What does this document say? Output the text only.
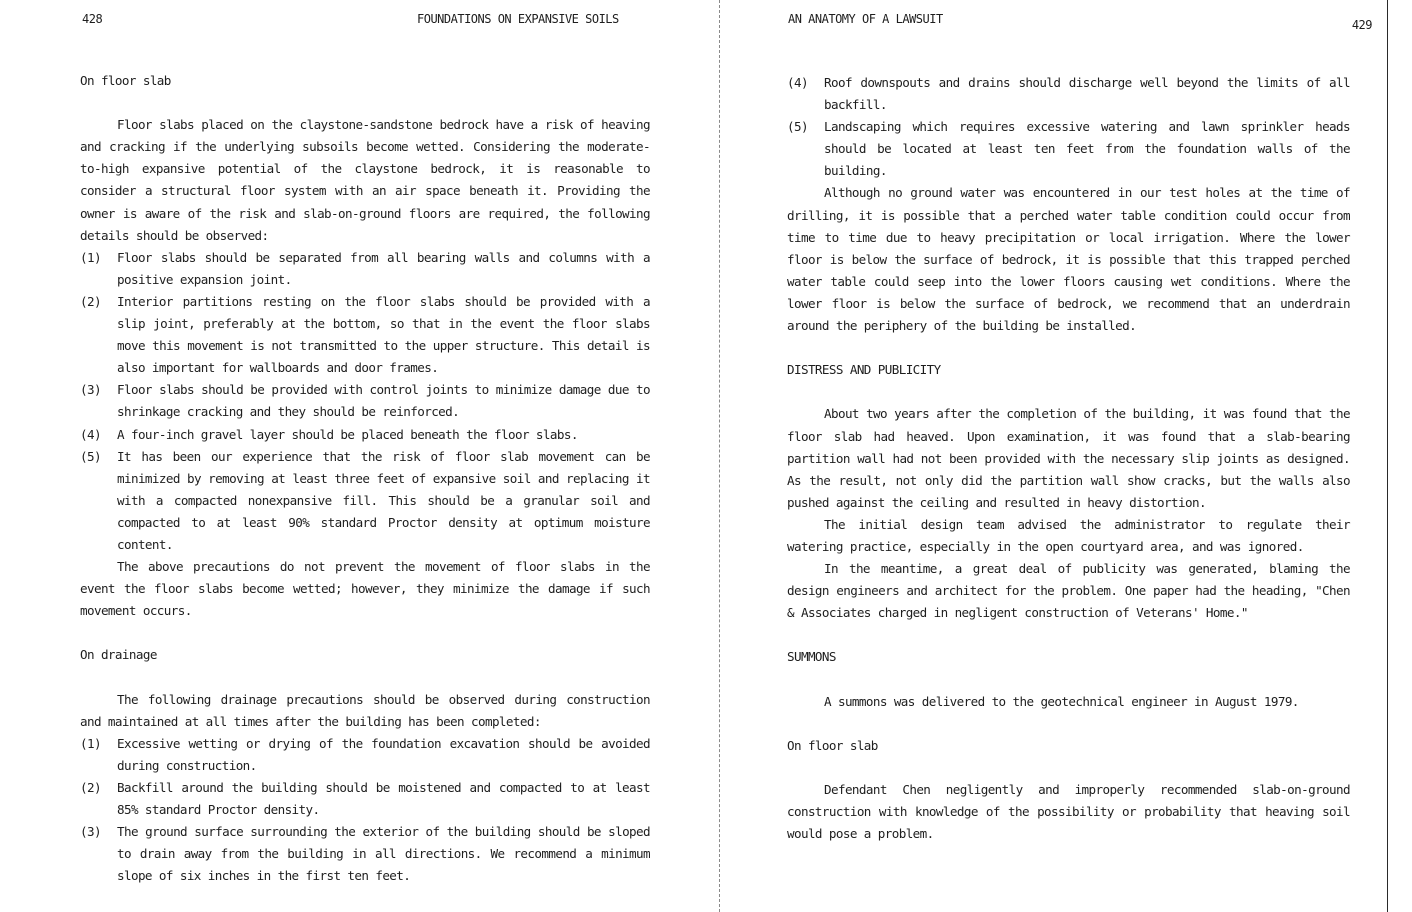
428	FOUNDATIONS ON EXPANSIVE SOILS

On floor slab

Floor slabs placed on the claystone-sandstone bedrock have a risk of heaving and cracking if the underlying subsoils become wetted. Considering the moderate-to-high expansive potential of the claystone bedrock, it is reasonable to consider a structural floor system with an air space beneath it. Providing the owner is aware of the risk and slab-on-ground floors are required, the following details should be observed:

(1) Floor slabs should be separated from all bearing walls and columns with a positive expansion joint.
(2) Interior partitions resting on the floor slabs should be provided with a slip joint, preferably at the bottom, so that in the event the floor slabs move this movement is not transmitted to the upper structure. This detail is also important for wallboards and door frames.
(3) Floor slabs should be provided with control joints to minimize damage due to shrinkage cracking and they should be reinforced.
(4) A four-inch gravel layer should be placed beneath the floor slabs.
(5) It has been our experience that the risk of floor slab movement can be minimized by removing at least three feet of expansive soil and replacing it with a compacted nonexpansive fill. This should be a granular soil and compacted to at least 90% standard Proctor density at optimum moisture content.

The above precautions do not prevent the movement of floor slabs in the event the floor slabs become wetted; however, they minimize the damage if such movement occurs.

On drainage

The following drainage precautions should be observed during construction and maintained at all times after the building has been completed:

(1) Excessive wetting or drying of the foundation excavation should be avoided during construction.
(2) Backfill around the building should be moistened and compacted to at least 85% standard Proctor density.
(3) The ground surface surrounding the exterior of the building should be sloped to drain away from the building in all directions. We recommend a minimum slope of six inches in the first ten feet.
AN ANATOMY OF A LAWSUIT	429
(4) Roof downspouts and drains should discharge well beyond the limits of all backfill.
(5) Landscaping which requires excessive watering and lawn sprinkler heads should be located at least ten feet from the foundation walls of the building.

Although no ground water was encountered in our test holes at the time of drilling, it is possible that a perched water table condition could occur from time to time due to heavy precipitation or local irrigation. Where the lower floor is below the surface of bedrock, it is possible that this trapped perched water table could seep into the lower floors causing wet conditions. Where the lower floor is below the surface of bedrock, we recommend that an underdrain around the periphery of the building be installed.

DISTRESS AND PUBLICITY

About two years after the completion of the building, it was found that the floor slab had heaved. Upon examination, it was found that a slab-bearing partition wall had not been provided with the necessary slip joints as designed. As the result, not only did the partition wall show cracks, but the walls also pushed against the ceiling and resulted in heavy distortion.

The initial design team advised the administrator to regulate their watering practice, especially in the open courtyard area, and was ignored.

In the meantime, a great deal of publicity was generated, blaming the design engineers and architect for the problem. One paper had the heading, "Chen & Associates charged in negligent construction of Veterans' Home."

SUMMONS

A summons was delivered to the geotechnical engineer in August 1979.

On floor slab

Defendant Chen negligently and improperly recommended slab-on-ground construction with knowledge of the possibility or probability that heaving soil would pose a problem.
